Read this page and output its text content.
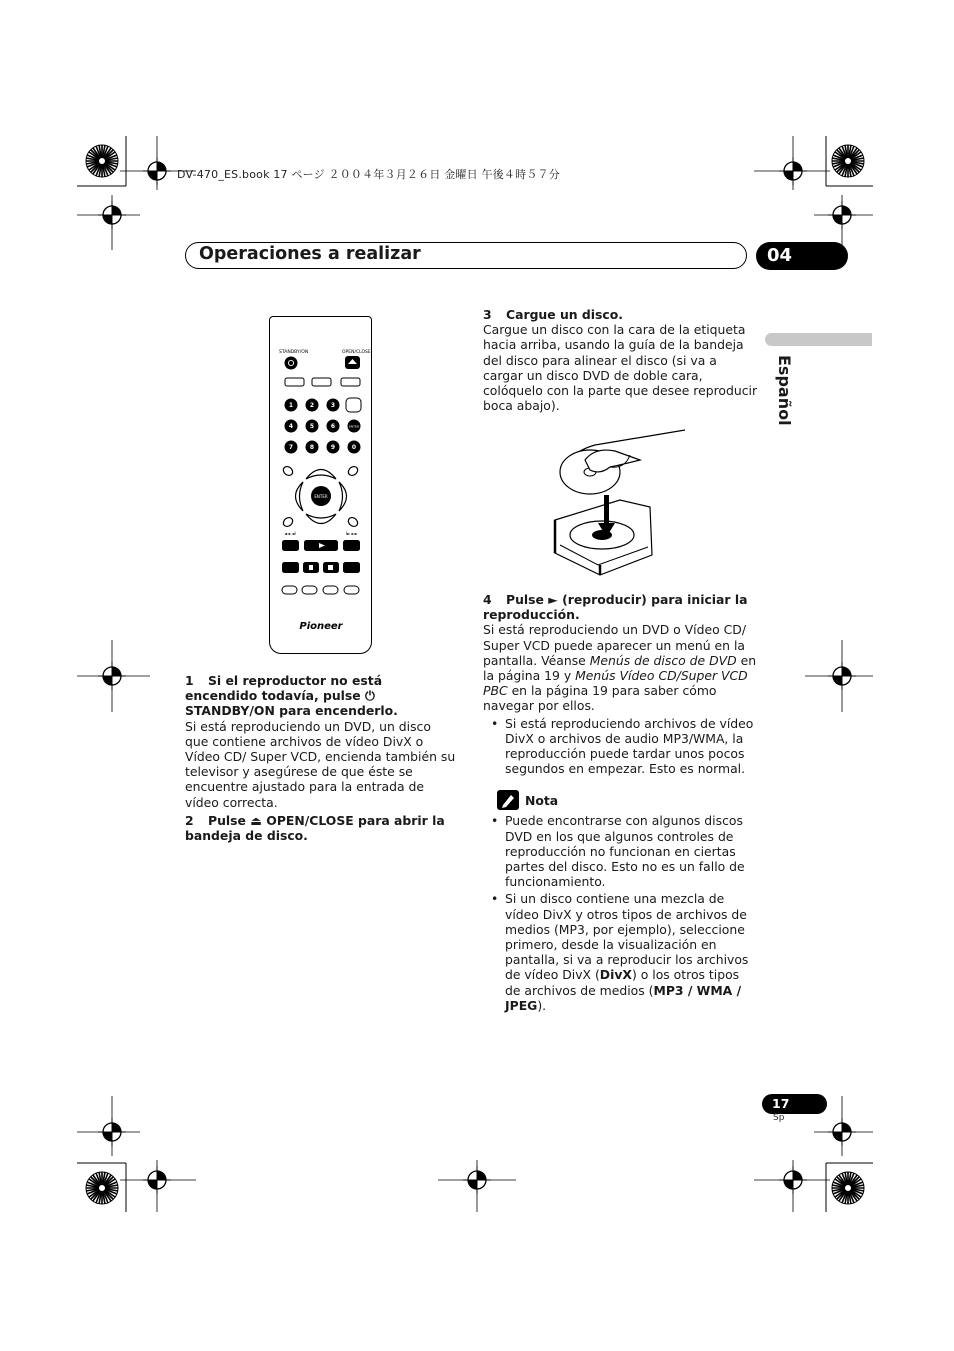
DV-470_ES.book 17 ページ ２００４年３月２６日 金曜日 午後４時５７分
Operaciones a realizar	04
Español
STANDBY/ON	OPEN/CLOSE
1	2	3
4	5	6
7	8	9	0
ENTER
ENTER
◄◄ ◄I	I► ►►
Pioneer

1 Si el reproductor no está encendido todavía, pulse ⏻ STANDBY/ON para encenderlo.

Si está reproduciendo un DVD, un disco que contiene archivos de vídeo DivX o Vídeo CD/ Super VCD, encienda también su televisor y asegúrese de que éste se encuentre ajustado para la entrada de vídeo correcta.

2 Pulse ⏏ OPEN/CLOSE para abrir la bandeja de disco.

3 Cargue un disco.

Cargue un disco con la cara de la etiqueta hacia arriba, usando la guía de la bandeja del disco para alinear el disco (si va a cargar un disco DVD de doble cara, colóquelo con la parte que desee reproducir boca abajo).

4 Pulse ► (reproducir) para iniciar la reproducción.

Si está reproduciendo un DVD o Vídeo CD/ Super VCD puede aparecer un menú en la pantalla. Véanse Menús de disco de DVD en la página 19 y Menús Vídeo CD/Super VCD PBC en la página 19 para saber cómo navegar por ellos.

• Si está reproduciendo archivos de vídeo DivX o archivos de audio MP3/WMA, la reproducción puede tardar unos pocos segundos en empezar. Esto es normal.

Nota

• Puede encontrarse con algunos discos DVD en los que algunos controles de reproducción no funcionan en ciertas partes del disco. Esto no es un fallo de funcionamiento.

• Si un disco contiene una mezcla de vídeo DivX y otros tipos de archivos de medios (MP3, por ejemplo), seleccione primero, desde la visualización en pantalla, si va a reproducir los archivos de vídeo DivX (DivX) o los otros tipos de archivos de medios (MP3 / WMA / JPEG).

17
Sp
